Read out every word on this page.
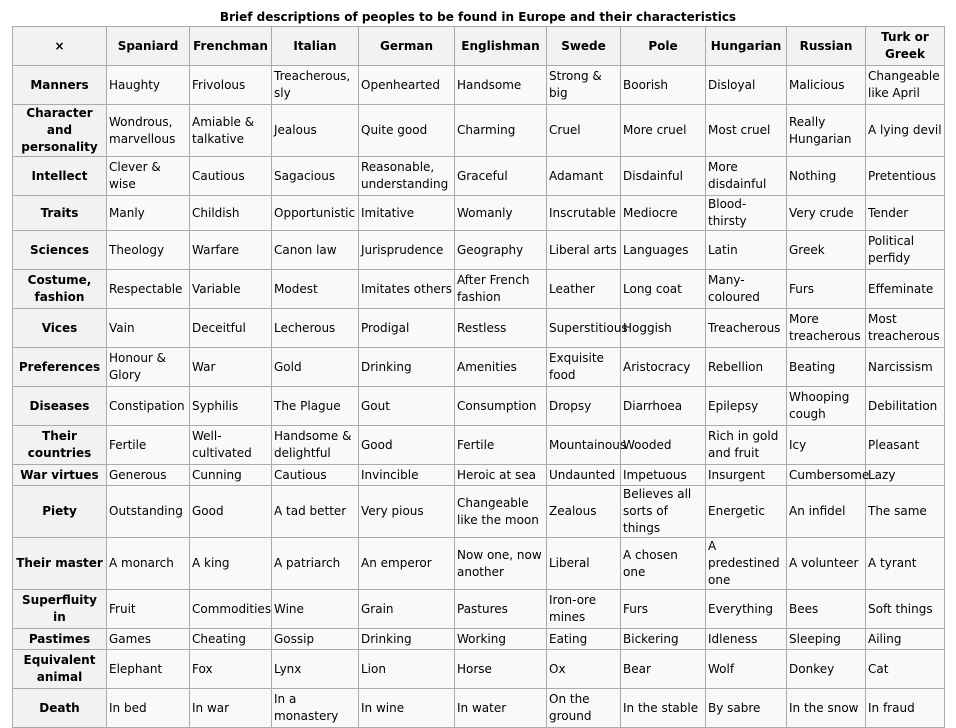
Brief descriptions of peoples to be found in Europe and their characteristics
×	Spaniard	Frenchman	Italian	German	Englishman	Swede	Pole	Hungarian	Russian	Turk or Greek
Manners	Haughty	Frivolous	Treacherous, sly	Openhearted	Handsome	Strong & big	Boorish	Disloyal	Malicious	Changeable like April
Character and personality	Wondrous, marvellous	Amiable & talkative	Jealous	Quite good	Charming	Cruel	More cruel	Most cruel	Really Hungarian	A lying devil
Intellect	Clever & wise	Cautious	Sagacious	Reasonable, understanding	Graceful	Adamant	Disdainful	More disdainful	Nothing	Pretentious
Traits	Manly	Childish	Opportunistic	Imitative	Womanly	Inscrutable	Mediocre	Blood-thirsty	Very crude	Tender
Sciences	Theology	Warfare	Canon law	Jurisprudence	Geography	Liberal arts	Languages	Latin	Greek	Political perfidy
Costume, fashion	Respectable	Variable	Modest	Imitates others	After French fashion	Leather	Long coat	Many-coloured	Furs	Effeminate
Vices	Vain	Deceitful	Lecherous	Prodigal	Restless	Superstitious	Hoggish	Treacherous	More treacherous	Most treacherous
Preferences	Honour & Glory	War	Gold	Drinking	Amenities	Exquisite food	Aristocracy	Rebellion	Beating	Narcissism
Diseases	Constipation	Syphilis	The Plague	Gout	Consumption	Dropsy	Diarrhoea	Epilepsy	Whooping cough	Debilitation
Their countries	Fertile	Well-cultivated	Handsome & delightful	Good	Fertile	Mountainous	Wooded	Rich in gold and fruit	Icy	Pleasant
War virtues	Generous	Cunning	Cautious	Invincible	Heroic at sea	Undaunted	Impetuous	Insurgent	Cumbersome	Lazy
Piety	Outstanding	Good	A tad better	Very pious	Changeable like the moon	Zealous	Believes all sorts of things	Energetic	An infidel	The same
Their master	A monarch	A king	A patriarch	An emperor	Now one, now another	Liberal	A chosen one	A predestined one	A volunteer	A tyrant
Superfluity in	Fruit	Commodities	Wine	Grain	Pastures	Iron-ore mines	Furs	Everything	Bees	Soft things
Pastimes	Games	Cheating	Gossip	Drinking	Working	Eating	Bickering	Idleness	Sleeping	Ailing
Equivalent animal	Elephant	Fox	Lynx	Lion	Horse	Ox	Bear	Wolf	Donkey	Cat
Death	In bed	In war	In a monastery	In wine	In water	On the ground	In the stable	By sabre	In the snow	In fraud
